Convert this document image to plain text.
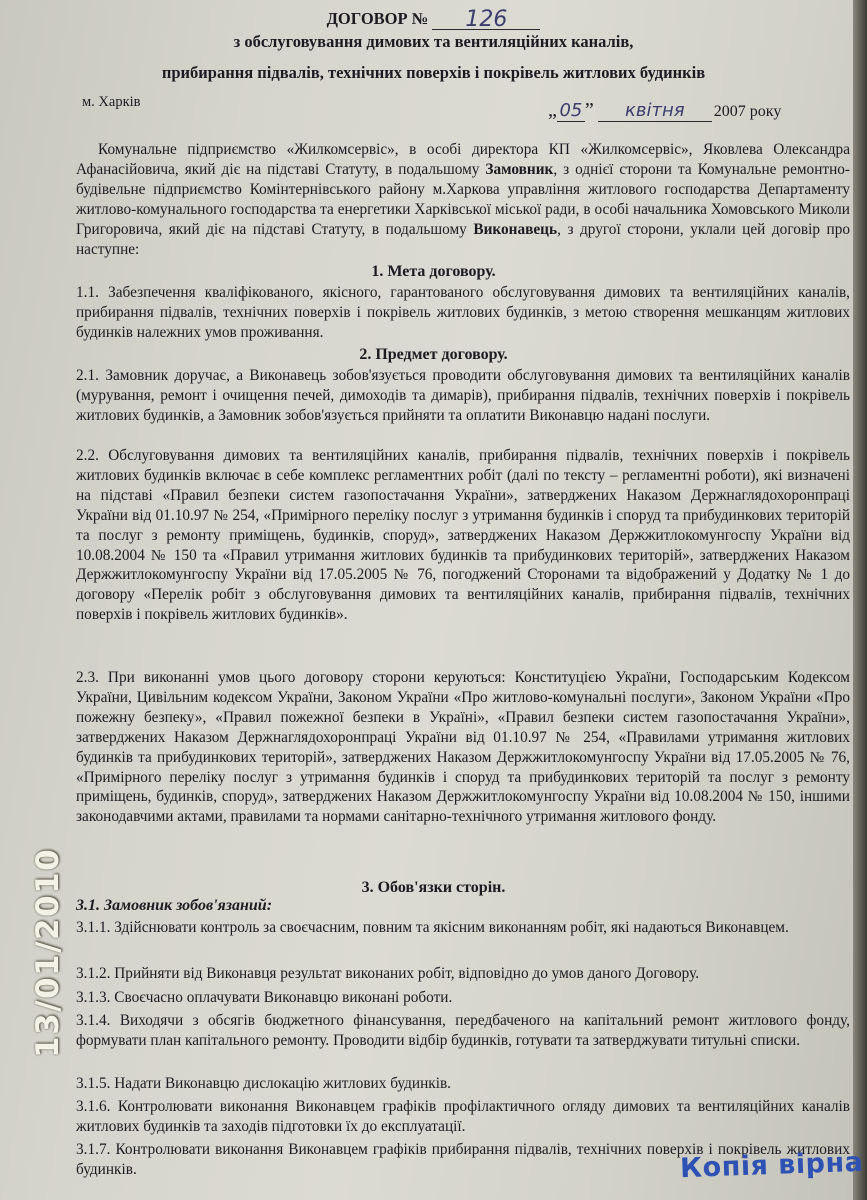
ДОГОВОР № 126
з обслуговування димових та вентиляційних каналів,
прибирання підвалів, технічних поверхів і покрівель житлових будинків
м. Харків	„ 05 ” квітня 2007 року
Комунальне підприємство «Жилкомсервіс», в особі директора КП «Жилкомсервіс», Яковлева Олександра Афанасійовича, який діє на підставі Статуту, в подальшому Замовник, з однієї сторони та Комунальне ремонтно-будівельне підприємство Комінтернівського району м.Харкова управління житлового господарства Департаменту житлово-комунального господарства та енергетики Харківської міської ради, в особі начальника Хомовського Миколи Григоровича, який діє на підставі Статуту, в подальшому Виконавець, з другої сторони, уклали цей договір про наступне:
1. Мета договору.
1.1. Забезпечення кваліфікованого, якісного, гарантованого обслуговування димових та вентиляційних каналів, прибирання підвалів, технічних поверхів і покрівель житлових будинків, з метою створення мешканцям житлових будинків належних умов проживання.
2. Предмет договору.
2.1. Замовник доручає, а Виконавець зобов'язується проводити обслуговування димових та вентиляційних каналів (мурування, ремонт і очищення печей, димоходів та димарів), прибирання підвалів, технічних поверхів і покрівель житлових будинків, а Замовник зобов'язується прийняти та оплатити Виконавцю надані послуги.
2.2. Обслуговування димових та вентиляційних каналів, прибирання підвалів, технічних поверхів і покрівель житлових будинків включає в себе комплекс регламентних робіт (далі по тексту – регламентні роботи), які визначені на підставі «Правил безпеки систем газопостачання України», затверджених Наказом Держнаглядохоронпраці України від 01.10.97 № 254, «Примірного переліку послуг з утримання будинків і споруд та прибудинкових територій та послуг з ремонту приміщень, будинків, споруд», затверджених Наказом Держжитлокомунгоспу України від 10.08.2004 № 150 та «Правил утримання житлових будинків та прибудинкових територій», затверджених Наказом Держжитлокомунгоспу України від 17.05.2005 № 76, погоджений Сторонами та відображений у Додатку № 1 до договору «Перелік робіт з обслуговування димових та вентиляційних каналів, прибирання підвалів, технічних поверхів і покрівель житлових будинків».
2.3. При виконанні умов цього договору сторони керуються: Конституцією України, Господарським Кодексом України, Цивільним кодексом України, Законом України «Про житлово-комунальні послуги», Законом України «Про пожежну безпеку», «Правил пожежної безпеки в Україні», «Правил безпеки систем газопостачання України», затверджених Наказом Держнаглядохоронпраці України від 01.10.97 № 254, «Правилами утримання житлових будинків та прибудинкових територій», затверджених Наказом Держжитлокомунгоспу України від 17.05.2005 № 76, «Примірного переліку послуг з утримання будинків і споруд та прибудинкових територій та послуг з ремонту приміщень, будинків, споруд», затверджених Наказом Держжитлокомунгоспу України від 10.08.2004 № 150, іншими законодавчими актами, правилами та нормами санітарно-технічного утримання житлового фонду.
3. Обов'язки сторін.
3.1. Замовник зобов'язаний:
3.1.1. Здійснювати контроль за своєчасним, повним та якісним виконанням робіт, які надаються Виконавцем.
3.1.2. Прийняти від Виконавця результат виконаних робіт, відповідно до умов даного Договору.
3.1.3. Своєчасно оплачувати Виконавцю виконані роботи.
3.1.4. Виходячи з обсягів бюджетного фінансування, передбаченого на капітальний ремонт житлового фонду, формувати план капітального ремонту. Проводити відбір будинків, готувати та затверджувати титульні списки.
3.1.5. Надати Виконавцю дислокацію житлових будинків.
3.1.6. Контролювати виконання Виконавцем графіків профілактичного огляду димових та вентиляційних каналів житлових будинків та заходів підготовки їх до експлуатації.
3.1.7. Контролювати виконання Виконавцем графіків прибирання підвалів, технічних поверхів і покрівель житлових будинків.
13/01/2010
Копія вірна
